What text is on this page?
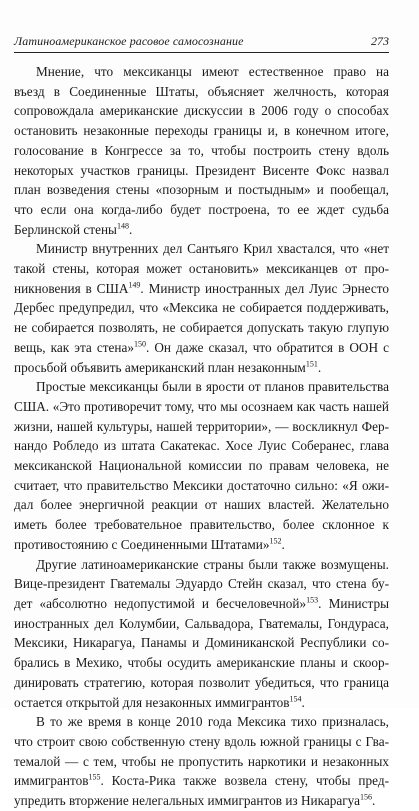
Латиноамериканское расовое самосознание	273

Мнение, что мексиканцы имеют естественное право на
въезд в Соединенные Штаты, объясняет желчность, которая
сопровождала американские дискуссии в 2006 году о способах
остановить незаконные переходы границы и, в конечном итоге,
голосование в Конгрессе за то, чтобы построить стену вдоль
некоторых участков границы. Президент Висенте Фокс назвал
план возведения стены «позорным и постыдным» и пообещал,
что если она когда-либо будет построена, то ее ждет судьба
Берлинской стены$^{148}$.

Министр внутренних дел Сантьяго Крил хвастался, что «нет
такой стены, которая может остановить» мексиканцев от про-
никновения в США$^{149}$. Министр иностранных дел Луис Эрнесто
Дербес предупредил, что «Мексика не собирается поддерживать,
не собирается позволять, не собирается допускать такую глупую
вещь, как эта стена»$^{150}$. Он даже сказал, что обратится в ООН с
просьбой объявить американский план незаконным$^{151}$.

Простые мексиканцы были в ярости от планов правительства
США. «Это противоречит тому, что мы осознаем как часть нашей
жизни, нашей культуры, нашей территории», — воскликнул Фер-
нандо Робледо из штата Сакатекас. Хосе Луис Соберанес, глава
мексиканской Национальной комиссии по правам человека, не
считает, что правительство Мексики достаточно сильно: «Я ожи-
дал более энергичной реакции от наших властей. Желательно
иметь более требовательное правительство, более склонное к
противостоянию с Соединенными Штатами»$^{152}$.

Другие латиноамериканские страны были также возмущены.
Вице-президент Гватемалы Эдуардо Стейн сказал, что стена бу-
дет «абсолютно недопустимой и бесчеловечной»$^{153}$. Министры
иностранных дел Колумбии, Сальвадора, Гватемалы, Гондураса,
Мексики, Никарагуа, Панамы и Доминиканской Республики со-
брались в Мехико, чтобы осудить американские планы и скоор-
динировать стратегию, которая позволит убедиться, что граница
остается открытой для незаконных иммигрантов$^{154}$.

В то же время в конце 2010 года Мексика тихо призналась,
что строит свою собственную стену вдоль южной границы с Гва-
темалой — с тем, чтобы не пропустить наркотики и незаконных
иммигрантов$^{155}$. Коста-Рика также возвела стену, чтобы пред-
упредить вторжение нелегальных иммигрантов из Никарагуа$^{156}$.
